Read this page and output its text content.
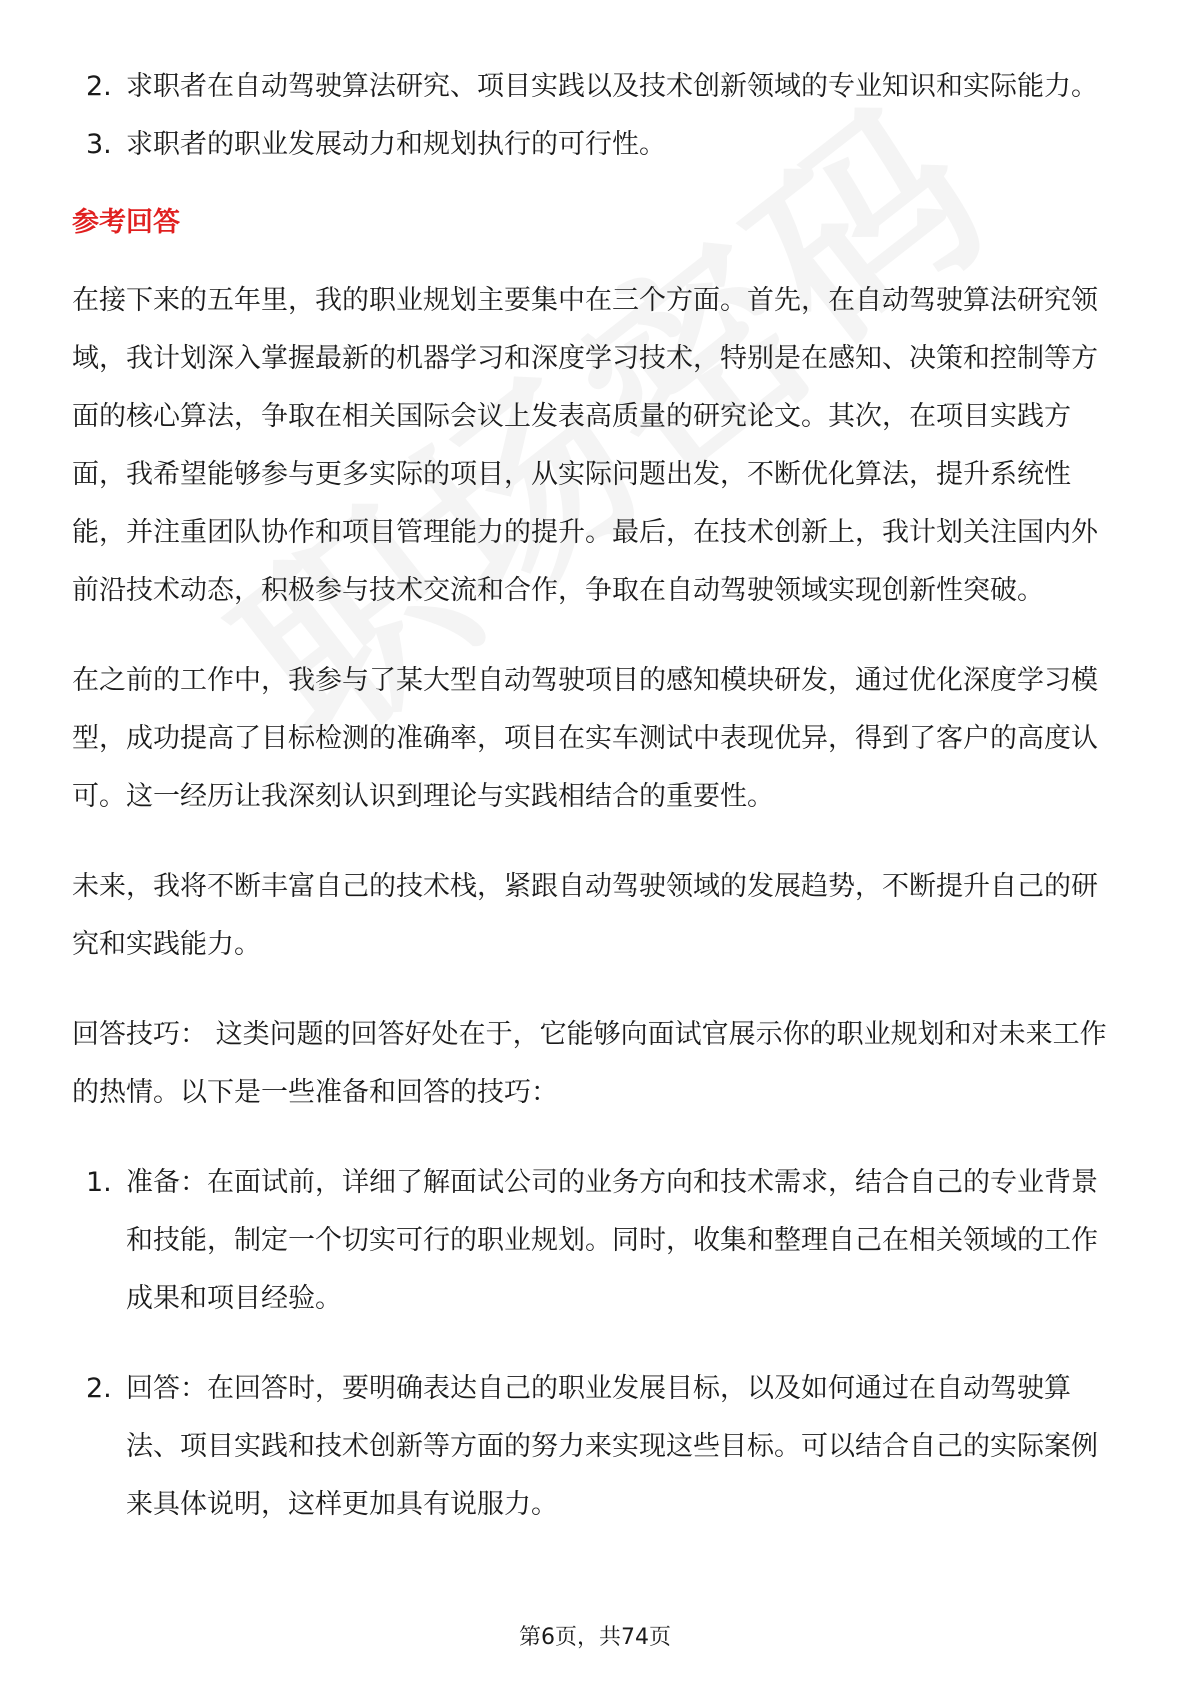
2. 求职者在自动驾驶算法研究、项目实践以及技术创新领域的专业知识和实际能力。
3. 求职者的职业发展动力和规划执行的可行性。

参考回答

在接下来的五年里，我的职业规划主要集中在三个方面。首先，在自动驾驶算法研究领域，我计划深入掌握最新的机器学习和深度学习技术，特别是在感知、决策和控制等方面的核心算法，争取在相关国际会议上发表高质量的研究论文。其次，在项目实践方面，我希望能够参与更多实际的项目，从实际问题出发，不断优化算法，提升系统性能，并注重团队协作和项目管理能力的提升。最后，在技术创新上，我计划关注国内外前沿技术动态，积极参与技术交流和合作，争取在自动驾驶领域实现创新性突破。

在之前的工作中，我参与了某大型自动驾驶项目的感知模块研发，通过优化深度学习模型，成功提高了目标检测的准确率，项目在实车测试中表现优异，得到了客户的高度认可。这一经历让我深刻认识到理论与实践相结合的重要性。

未来，我将不断丰富自己的技术栈，紧跟自动驾驶领域的发展趋势，不断提升自己的研究和实践能力。

回答技巧： 这类问题的回答好处在于，它能够向面试官展示你的职业规划和对未来工作的热情。以下是一些准备和回答的技巧：

1. 准备：在面试前，详细了解面试公司的业务方向和技术需求，结合自己的专业背景和技能，制定一个切实可行的职业规划。同时，收集和整理自己在相关领域的工作成果和项目经验。
2. 回答：在回答时，要明确表达自己的职业发展目标，以及如何通过在自动驾驶算法、项目实践和技术创新等方面的努力来实现这些目标。可以结合自己的实际案例来具体说明，这样更加具有说服力。
第6页，共74页
